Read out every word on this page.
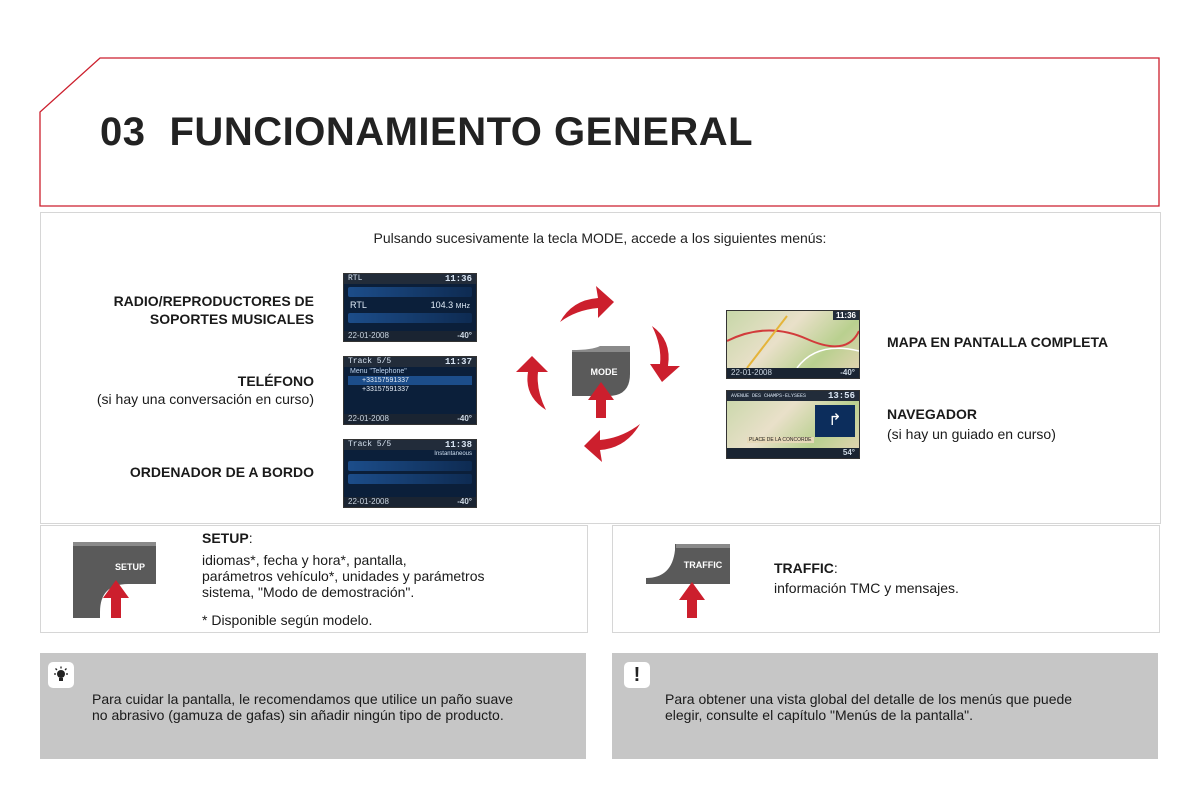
03 FUNCIONAMIENTO GENERAL
Pulsando sucesivamente la tecla MODE, accede a los siguientes menús:
RADIO/REPRODUCTORES DE
SOPORTES MUSICALES
TELÉFONO
(si hay una conversación en curso)
ORDENADOR DE A BORDO
RTL	11:36
RTL	104.3 MHz
22-01-2008	-40°
Track 5/5	11:37
Menu "Telephone"
+33157591337
+33157591337
22-01-2008	-40°
Track 5/5	11:38
Instantaneous
22-01-2008	-40°
MODE
11:36
22-01-2008	-40°
AVENUE DES CHAMPS-ELYSEES 13:56
↱
PLACE DE LA CONCORDE
54°
MAPA EN PANTALLA COMPLETA
NAVEGADOR
(si hay un guiado en curso)
SETUP
SETUP:
idiomas*, fecha y hora*, pantalla,
parámetros vehículo*, unidades y parámetros
sistema, "Modo de demostración".
* Disponible según modelo.
TRAFFIC	TRAFFIC:
información TMC y mensajes.
Para cuidar la pantalla, le recomendamos que utilice un paño suave
no abrasivo (gamuza de gafas) sin añadir ningún tipo de producto.
!
Para obtener una vista global del detalle de los menús que puede
elegir, consulte el capítulo "Menús de la pantalla".
